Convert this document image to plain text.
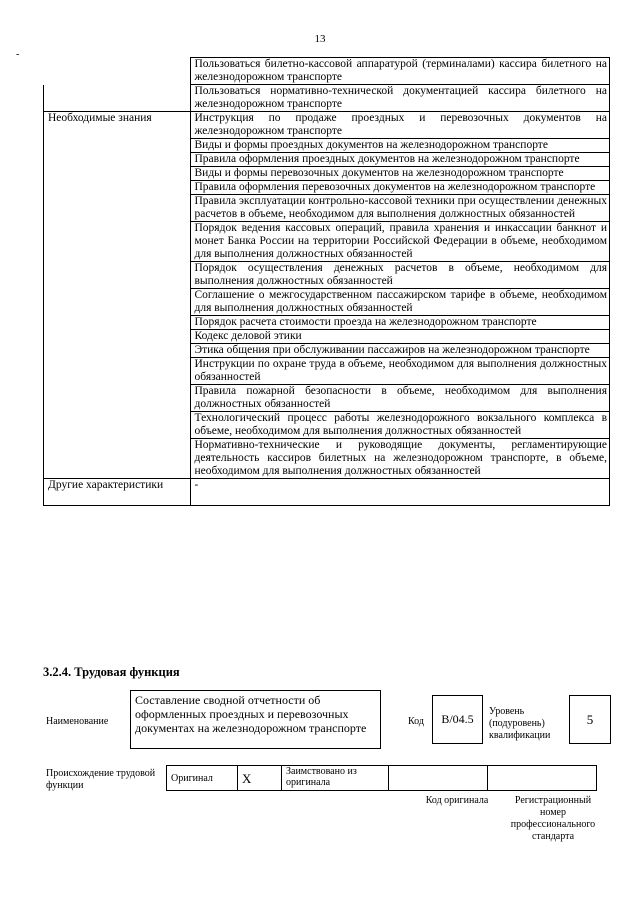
13
-
	Пользоваться билетно-кассовой аппаратурой (терминалами) кассира билетного на железнодорожном транспорте
	Пользоваться нормативно-технической документацией кассира билетного на железнодорожном транспорте
Необходимые знания	Инструкция по продаже проездных и перевозочных документов на железнодорожном транспорте
	Виды и формы проездных документов на железнодорожном транспорте
	Правила оформления проездных документов на железнодорожном транспорте
	Виды и формы перевозочных документов на железнодорожном транспорте
	Правила оформления перевозочных документов на железнодорожном транспорте
	Правила эксплуатации контрольно-кассовой техники при осуществлении денежных расчетов в объеме, необходимом для выполнения должностных обязанностей
	Порядок ведения кассовых операций, правила хранения и инкассации банкнот и монет Банка России на территории Российской Федерации в объеме, необходимом для выполнения должностных обязанностей
	Порядок осуществления денежных расчетов в объеме, необходимом для выполнения должностных обязанностей
	Соглашение о межгосударственном пассажирском тарифе в объеме, необходимом для выполнения должностных обязанностей
	Порядок расчета стоимости проезда на железнодорожном транспорте
	Кодекс деловой этики
	Этика общения при обслуживании пассажиров на железнодорожном транспорте
	Инструкции по охране труда в объеме, необходимом для выполнения должностных обязанностей
	Правила пожарной безопасности в объеме, необходимом для выполнения должностных обязанностей
	Технологический процесс работы железнодорожного вокзального комплекса в объеме, необходимом для выполнения должностных обязанностей
	Нормативно-технические и руководящие документы, регламентирующие деятельность кассиров билетных на железнодорожном транспорте, в объеме, необходимом для выполнения должностных обязанностей
Другие характеристики	-
3.2.4. Трудовая функция
Наименование
Составление сводной отчетности об оформленных проездных и перевозочных документах на железнодорожном транспорте	Код	B/04.5
Уровень (подуровень) квалификации
5
Происхождение трудовой функции
Оригинал	X	Заимствовано из оригинала		
Код оригинала	Регистрационный номер профессионального стандарта
